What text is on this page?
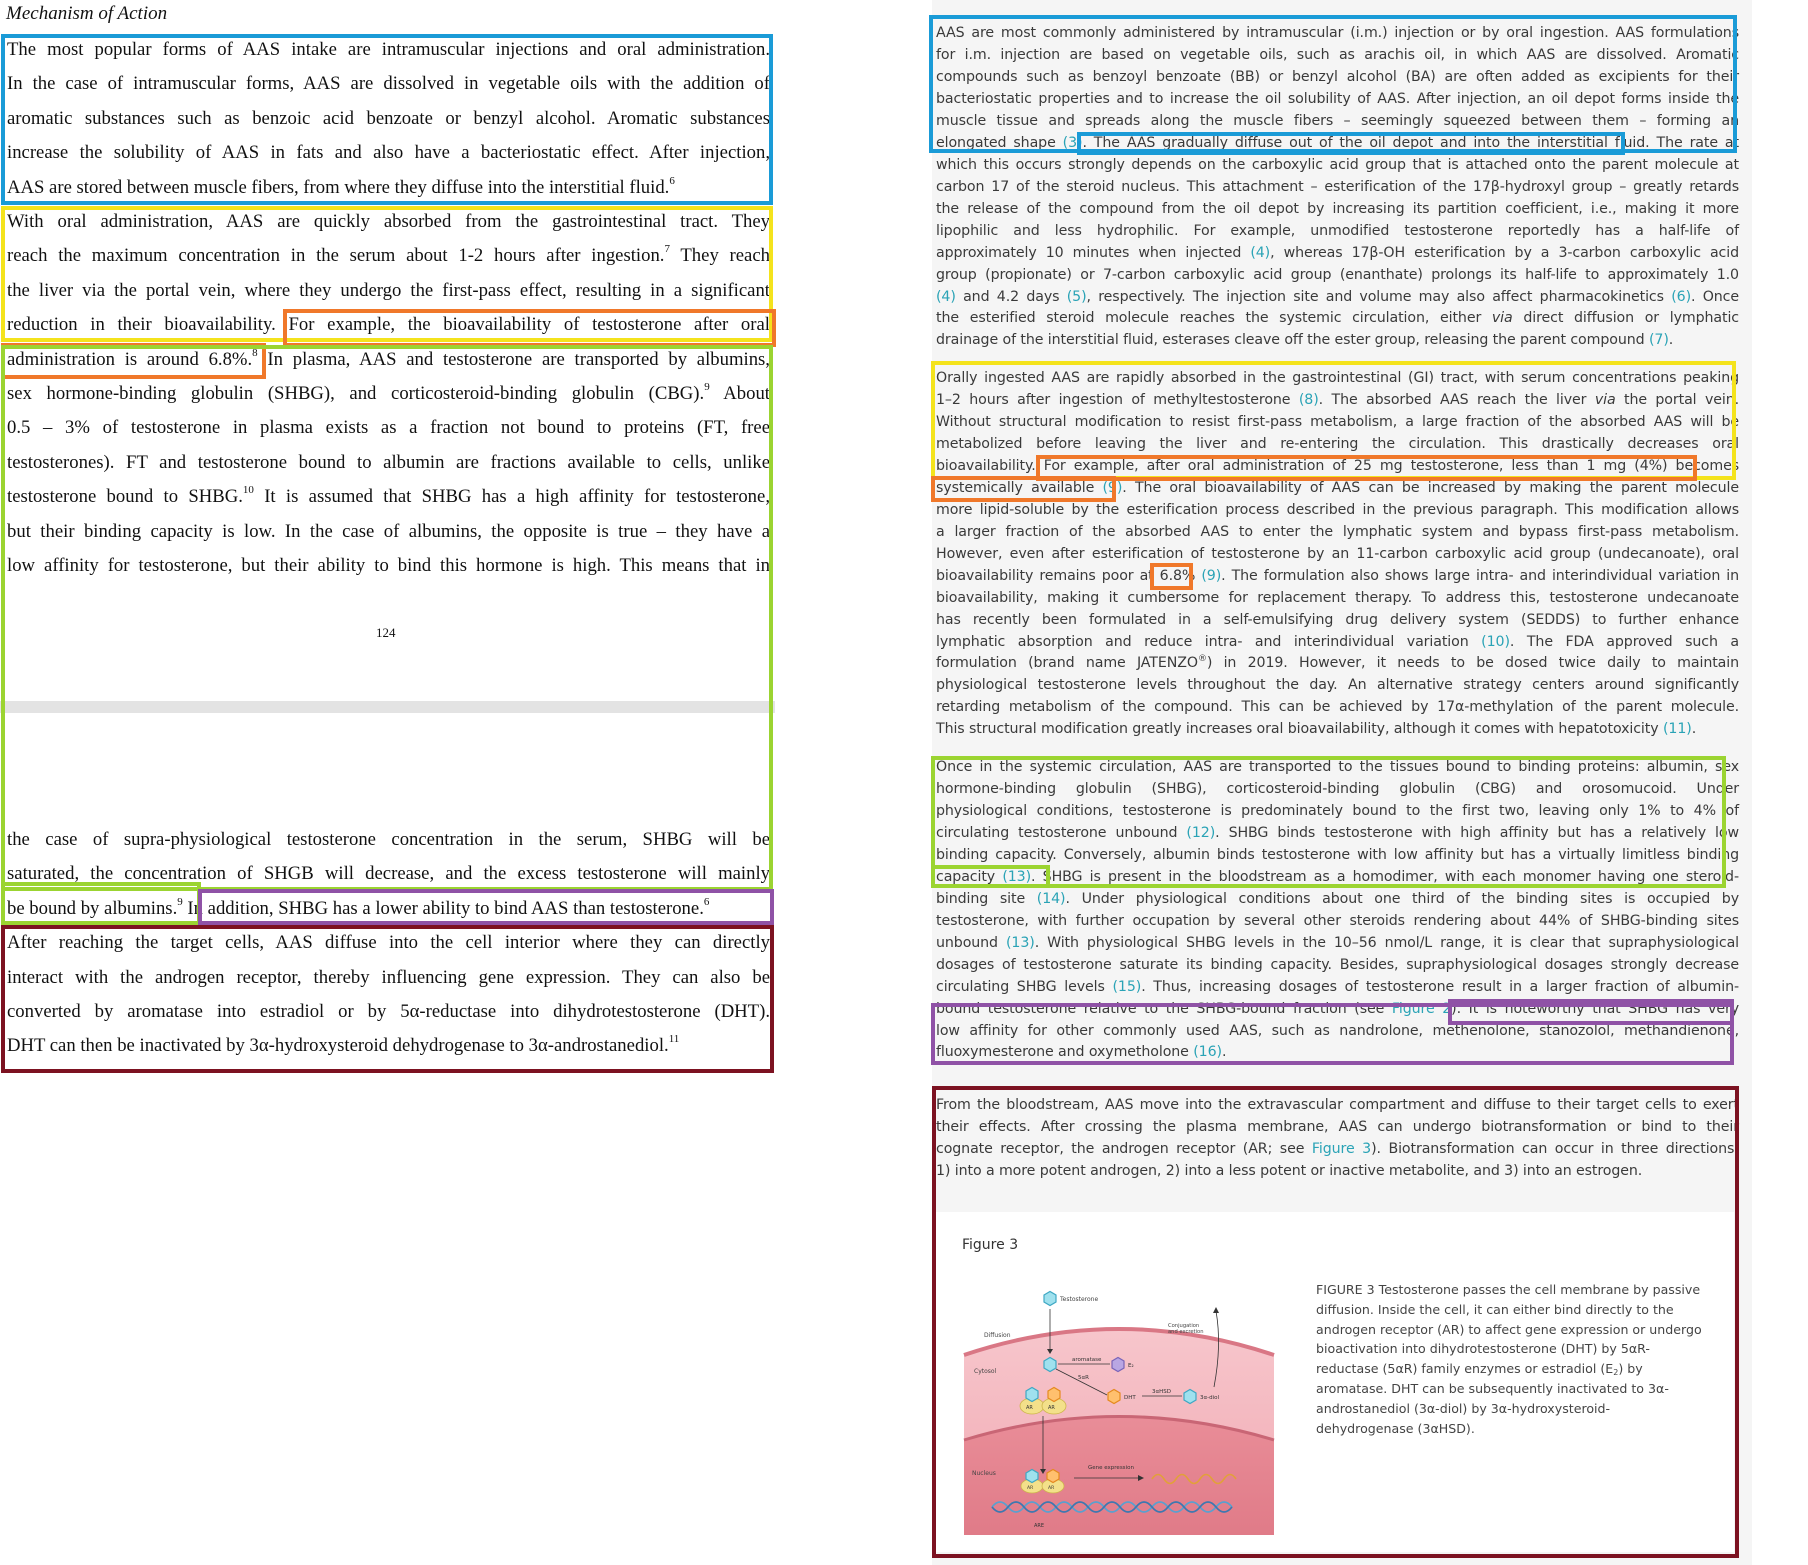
Mechanism of Action
The most popular forms of AAS intake are intramuscular injections and oral administration.
In the case of intramuscular forms, AAS are dissolved in vegetable oils with the addition of
aromatic substances such as benzoic acid benzoate or benzyl alcohol. Aromatic substances
increase the solubility of AAS in fats and also have a bacteriostatic effect. After injection,
AAS are stored between muscle fibers, from where they diffuse into the interstitial fluid.$^6$
With oral administration, AAS are quickly absorbed from the gastrointestinal tract. They
reach the maximum concentration in the serum about 1-2 hours after ingestion.$^7$ They reach
the liver via the portal vein, where they undergo the first-pass effect, resulting in a significant
reduction in their bioavailability. For example, the bioavailability of testosterone after oral
administration is around 6.8%.$^8$ In plasma, AAS and testosterone are transported by albumins,
sex hormone-binding globulin (SHBG), and corticosteroid-binding globulin (CBG).$^9$ About
0.5 – 3% of testosterone in plasma exists as a fraction not bound to proteins (FT, free
testosterones). FT and testosterone bound to albumin are fractions available to cells, unlike
testosterone bound to SHBG.$^{10}$ It is assumed that SHBG has a high affinity for testosterone,
but their binding capacity is low. In the case of albumins, the opposite is true – they have a
low affinity for testosterone, but their ability to bind this hormone is high. This means that in
the case of supra-physiological testosterone concentration in the serum, SHBG will be
saturated, the concentration of SHGB will decrease, and the excess testosterone will mainly
be bound by albumins.$^9$ In addition, SHBG has a lower ability to bind AAS than testosterone.$^6$
After reaching the target cells, AAS diffuse into the cell interior where they can directly
interact with the androgen receptor, thereby influencing gene expression. They can also be
converted by aromatase into estradiol or by 5α-reductase into dihydrotestosterone (DHT).
DHT can then be inactivated by 3α-hydroxysteroid dehydrogenase to 3α-androstanediol.$^{11}$
124
AAS are most commonly administered by intramuscular (i.m.) injection or by oral ingestion. AAS formulations
for i.m. injection are based on vegetable oils, such as arachis oil, in which AAS are dissolved. Aromatic
compounds such as benzoyl benzoate (BB) or benzyl alcohol (BA) are often added as excipients for their
bacteriostatic properties and to increase the oil solubility of AAS. After injection, an oil depot forms inside the
muscle tissue and spreads along the muscle fibers – seemingly squeezed between them – forming an
elongated shape (3). The AAS gradually diffuse out of the oil depot and into the interstitial fluid. The rate at
which this occurs strongly depends on the carboxylic acid group that is attached onto the parent molecule at
carbon 17 of the steroid nucleus. This attachment – esterification of the 17β-hydroxyl group – greatly retards
the release of the compound from the oil depot by increasing its partition coefficient, i.e., making it more
lipophilic and less hydrophilic. For example, unmodified testosterone reportedly has a half-life of
approximately 10 minutes when injected (4), whereas 17β-OH esterification by a 3-carbon carboxylic acid
group (propionate) or 7-carbon carboxylic acid group (enanthate) prolongs its half-life to approximately 1.0
(4) and 4.2 days (5), respectively. The injection site and volume may also affect pharmacokinetics (6). Once
the esterified steroid molecule reaches the systemic circulation, either via direct diffusion or lymphatic
drainage of the interstitial fluid, esterases cleave off the ester group, releasing the parent compound (7).
Orally ingested AAS are rapidly absorbed in the gastrointestinal (GI) tract, with serum concentrations peaking
1–2 hours after ingestion of methyltestosterone (8). The absorbed AAS reach the liver via the portal vein.
Without structural modification to resist first-pass metabolism, a large fraction of the absorbed AAS will be
metabolized before leaving the liver and re-entering the circulation. This drastically decreases oral
bioavailability. For example, after oral administration of 25 mg testosterone, less than 1 mg (4%) becomes
systemically available (9). The oral bioavailability of AAS can be increased by making the parent molecule
more lipid-soluble by the esterification process described in the previous paragraph. This modification allows
a larger fraction of the absorbed AAS to enter the lymphatic system and bypass first-pass metabolism.
However, even after esterification of testosterone by an 11-carbon carboxylic acid group (undecanoate), oral
bioavailability remains poor at 6.8% (9). The formulation also shows large intra- and interindividual variation in
bioavailability, making it cumbersome for replacement therapy. To address this, testosterone undecanoate
has recently been formulated in a self-emulsifying drug delivery system (SEDDS) to further enhance
lymphatic absorption and reduce intra- and interindividual variation (10). The FDA approved such a
formulation (brand name JATENZO®) in 2019. However, it needs to be dosed twice daily to maintain
physiological testosterone levels throughout the day. An alternative strategy centers around significantly
retarding metabolism of the compound. This can be achieved by 17α-methylation of the parent molecule.
This structural modification greatly increases oral bioavailability, although it comes with hepatotoxicity (11).
Once in the systemic circulation, AAS are transported to the tissues bound to binding proteins: albumin, sex
hormone-binding globulin (SHBG), corticosteroid-binding globulin (CBG) and orosomucoid. Under
physiological conditions, testosterone is predominately bound to the first two, leaving only 1% to 4% of
circulating testosterone unbound (12). SHBG binds testosterone with high affinity but has a relatively low
binding capacity. Conversely, albumin binds testosterone with low affinity but has a virtually limitless binding
capacity (13). SHBG is present in the bloodstream as a homodimer, with each monomer having one steroid-
binding site (14). Under physiological conditions about one third of the binding sites is occupied by
testosterone, with further occupation by several other steroids rendering about 44% of SHBG-binding sites
unbound (13). With physiological SHBG levels in the 10–56 nmol/L range, it is clear that supraphysiological
dosages of testosterone saturate its binding capacity. Besides, supraphysiological dosages strongly decrease
circulating SHBG levels (15). Thus, increasing dosages of testosterone result in a larger fraction of albumin-
bound testosterone relative to the SHBG-bound fraction (see Figure 2). It is noteworthy that SHBG has very
low affinity for other commonly used AAS, such as nandrolone, methenolone, stanozolol, methandienone,
fluoxymesterone and oxymetholone (16).
From the bloodstream, AAS move into the extravascular compartment and diffuse to their target cells to exert
their effects. After crossing the plasma membrane, AAS can undergo biotransformation or bind to their
cognate receptor, the androgen receptor (AR; see Figure 3). Biotransformation can occur in three directions:
1) into a more potent androgen, 2) into a less potent or inactive metabolite, and 3) into an estrogen.
Figure 3
Testosterone
Diffusion
Cytosol
aromatase
E₂
5αR
DHT
3αHSD
3α-diol
Conjugation
and excretion
AR	AR
Nucleus
AR	AR
Gene expression
ARE
FIGURE 3 Testosterone passes the cell membrane by passive
diffusion. Inside the cell, it can either bind directly to the
androgen receptor (AR) to affect gene expression or undergo
bioactivation into dihydrotestosterone (DHT) by 5αR-
reductase (5αR) family enzymes or estradiol $(E_2)$ by
aromatase. DHT can be subsequently inactivated to 3α-
androstanediol (3α-diol) by 3α-hydroxysteroid-
dehydrogenase (3αHSD).
